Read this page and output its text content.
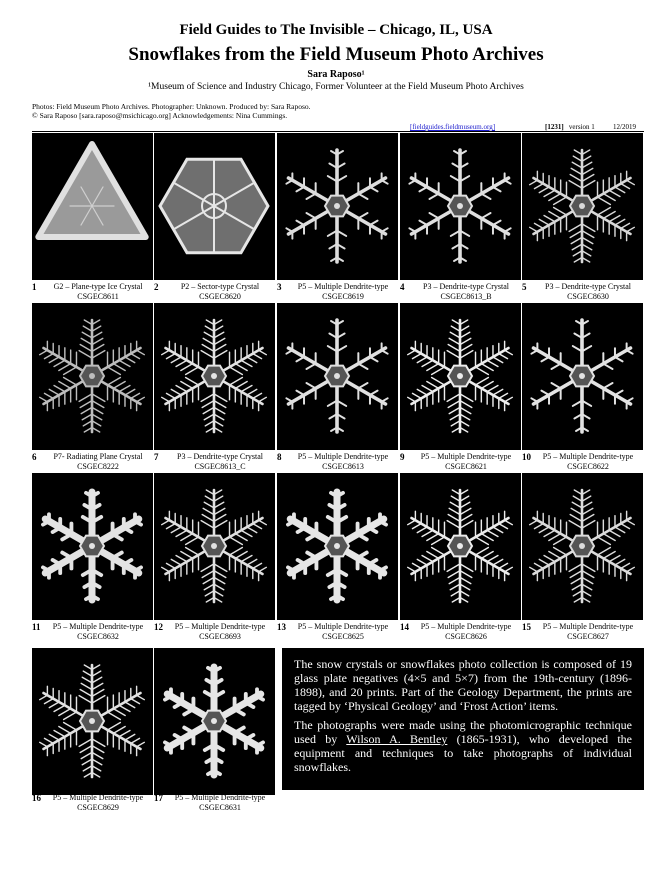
Field Guides to The Invisible – Chicago, IL, USA
Snowflakes from the Field Museum Photo Archives
Sara Raposo¹
¹Museum of Science and Industry Chicago, Former Volunteer at the Field Museum Photo Archives
Photos: Field Museum Photo Archives. Photographer: Unknown. Produced by: Sara Raposo.
© Sara Raposo [sara.raposo@msichicago.org] Acknowledgements: Nina Cummings.
[fieldguides.fieldmuseum.org]	[1231] version 1	12/2019
1	G2 – Plane-type Ice Crystal
CSGEC8611
2	P2 – Sector-type Crystal
CSGEC8620
3	P5 – Multiple Dendrite-type
CSGEC8619
4	P3 – Dendrite-type Crystal
CSGEC8613_B
5	P3 – Dendrite-type Crystal
CSGEC8630
6	P7- Radiating Plane Crystal
CSGEC8222
7	P3 – Dendrite-type Crystal
CSGEC8613_C
8	P5 – Multiple Dendrite-type
CSGEC8613
9	P5 – Multiple Dendrite-type
CSGEC8621
10	P5 – Multiple Dendrite-type
CSGEC8622
11	P5 – Multiple Dendrite-type
CSGEC8632
12	P5 – Multiple Dendrite-type
CSGEC8693
13	P5 – Multiple Dendrite-type
CSGEC8625
14	P5 – Multiple Dendrite-type
CSGEC8626
15	P5 – Multiple Dendrite-type
CSGEC8627
16	P5 – Multiple Dendrite-type
CSGEC8629
17	P5 – Multiple Dendrite-type
CSGEC8631

The snow crystals or snowflakes photo collection is composed of 19 glass plate negatives (4×5 and 5×7) from the 19th-century (1896-1898), and 20 prints. Part of the Geology Department, the prints are tagged by ‘Physical Geology’ and ‘Frost Action’ items.

The photographs were made using the photomicrographic technique used by Wilson A. Bentley (1865-1931), who developed the equipment and techniques to take photographs of individual snowflakes.
